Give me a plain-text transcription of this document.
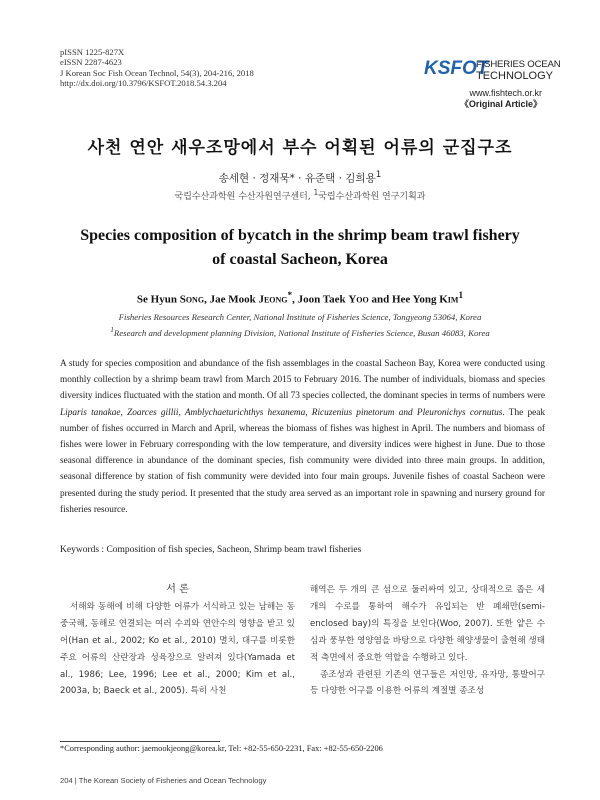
pISSN 1225-827X
eISSN 2287-4623
J Korean Soc Fish Ocean Technol, 54(3), 204-216, 2018
http://dx.doi.org/10.3796/KSFOT.2018.54.3.204
KSFOT
FISHERIES OCEAN
TECHNOLOGY
www.fishtech.or.kr
《Original Article》
사천 연안 새우조망에서 부수 어획된 어류의 군집구조
송세현 · 정재묵* · 유준택 · 김희용$^1$
국립수산과학원 수산자원연구센터, $^1$국립수산과학원 연구기획과
Species composition of bycatch in the shrimp beam trawl fishery
of coastal Sacheon, Korea
Se Hyun Song, Jae Mook Jeong*, Joon Taek Yoo and Hee Yong Kim$^1$
Fisheries Resources Research Center, National Institute of Fisheries Science, Tongyeong 53064, Korea
$^1$Research and development planning Division, National Institute of Fisheries Science, Busan 46083, Korea
A study for species composition and abundance of the fish assemblages in the coastal Sacheon Bay, Korea were conducted using monthly collection by a shrimp beam trawl from March 2015 to February 2016. The number of individuals, biomass and species diversity indices fluctuated with the station and month. Of all 73 species collected, the dominant species in terms of numbers were Liparis tanakae, Zoarces gillii, Amblychaeturichthys hexanema, Ricuzenius pinetorum and Pleuronichys cornutus. The peak number of fishes occurred in March and April, whereas the biomass of fishes was highest in April. The numbers and biomass of fishes were lower in February corresponding with the low temperature, and diversity indices were highest in June. Due to those seasonal difference in abundance of the dominant species, fish community were divided into three main groups. In addition, seasonal difference by station of fish community were devided into four main groups. Juvenile fishes of coastal Sacheon were presented during the study period. It presented that the study area served as an important role in spawning and nursery ground for fisheries resource.
Keywords : Composition of fish species, Sacheon, Shrimp beam trawl fisheries
서 론

서해와 동해에 비해 다양한 어류가 서식하고 있는 남해는 동중국해, 동해로 연결되는 여러 수괴와 연안수의 영향을 받고 있어(Han et al., 2002; Ko et al., 2010) 멸치, 대구를 비롯한 주요 어류의 산란장과 성육장으로 알려져 있다(Yamada et al., 1986; Lee, 1996; Lee et al., 2000; Kim et al., 2003a, b; Baeck et al., 2005). 특히 사천

해역은 두 개의 큰 섬으로 둘러싸여 있고, 상대적으로 좁은 세 개의 수로를 통하여 해수가 유입되는 반 폐쇄만(semi-enclosed bay)의 특징을 보인다(Woo, 2007). 또한 얕은 수심과 풍부한 영양염을 바탕으로 다양한 해양생물이 출현해 생태적 측면에서 중요한 역할을 수행하고 있다.

종조성과 관련된 기존의 연구들은 저인망, 유자망, 통발어구 등 다양한 어구를 이용한 어류의 계절별 종조성

*Corresponding author: jaemookjeong@korea.kr, Tel: +82-55-650-2231, Fax: +82-55-650-2206
204 | The Korean Society of Fisheries and Ocean Technology
